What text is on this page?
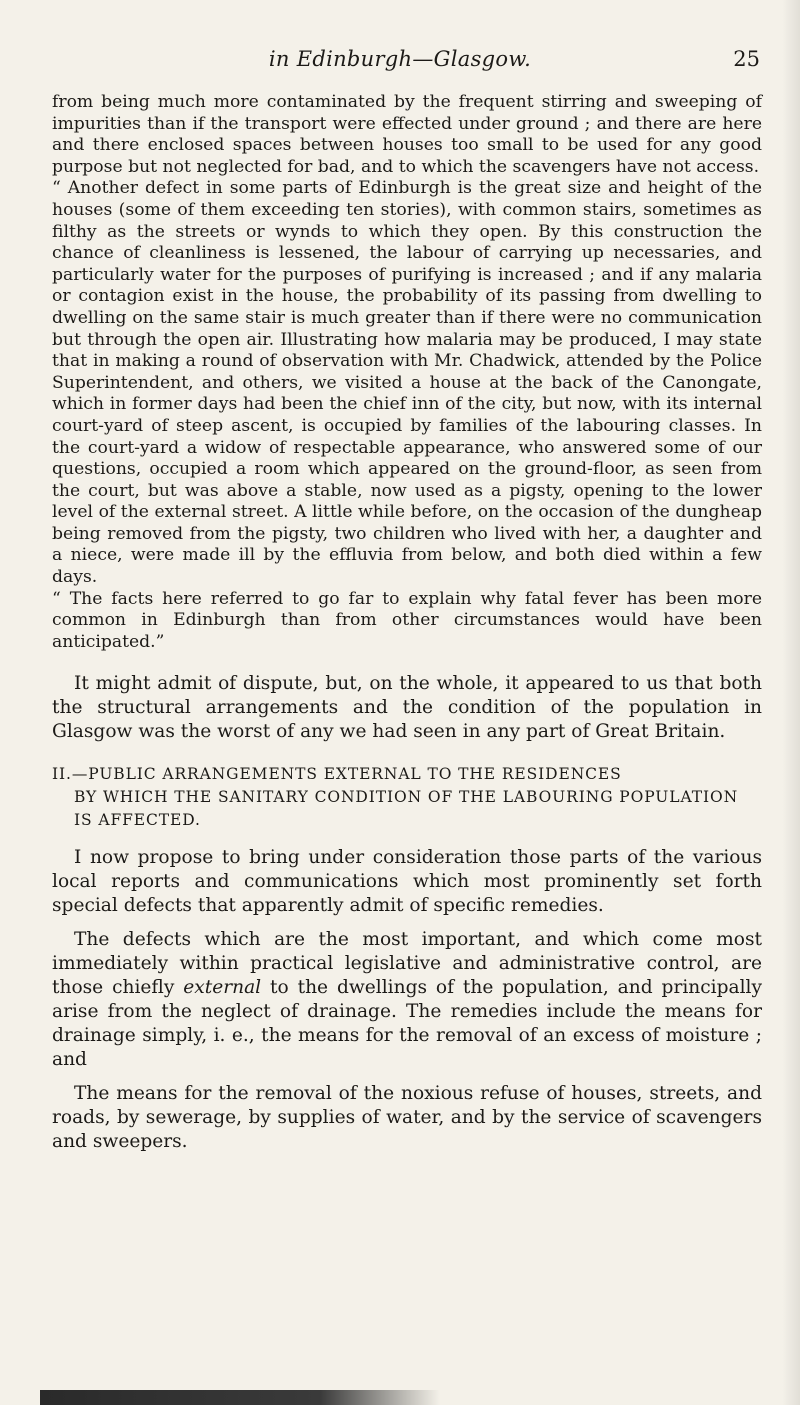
in Edinburgh—Glasgow.	25

from being much more contaminated by the frequent stirring and sweeping of impurities than if the transport were effected under ground ; and there are here and there enclosed spaces between houses too small to be used for any good purpose but not neglected for bad, and to which the scavengers have not access.

“ Another defect in some parts of Edinburgh is the great size and height of the houses (some of them exceeding ten stories), with common stairs, sometimes as filthy as the streets or wynds to which they open. By this construction the chance of cleanliness is lessened, the labour of carrying up necessaries, and particularly water for the purposes of purifying is increased ; and if any malaria or contagion exist in the house, the probability of its passing from dwelling to dwelling on the same stair is much greater than if there were no communication but through the open air. Illustrating how malaria may be produced, I may state that in making a round of observation with Mr. Chadwick, attended by the Police Superintendent, and others, we visited a house at the back of the Canongate, which in former days had been the chief inn of the city, but now, with its internal court-yard of steep ascent, is occupied by families of the labouring classes. In the court-yard a widow of respectable appearance, who answered some of our questions, occupied a room which appeared on the ground-floor, as seen from the court, but was above a stable, now used as a pigsty, opening to the lower level of the external street. A little while before, on the occasion of the dungheap being removed from the pigsty, two children who lived with her, a daughter and a niece, were made ill by the effluvia from below, and both died within a few days.

“ The facts here referred to go far to explain why fatal fever has been more common in Edinburgh than from other circumstances would have been anticipated.”

It might admit of dispute, but, on the whole, it appeared to us that both the structural arrangements and the condition of the population in Glasgow was the worst of any we had seen in any part of Great Britain.

II.—PUBLIC ARRANGEMENTS EXTERNAL TO THE RESIDENCES
BY WHICH THE SANITARY CONDITION OF THE LABOURING POPULATION IS AFFECTED.

I now propose to bring under consideration those parts of the various local reports and communications which most prominently set forth special defects that apparently admit of specific remedies.

The defects which are the most important, and which come most immediately within practical legislative and administrative control, are those chiefly external to the dwellings of the population, and principally arise from the neglect of drainage. The remedies include the means for drainage simply, i. e., the means for the removal of an excess of moisture ; and

The means for the removal of the noxious refuse of houses, streets, and roads, by sewerage, by supplies of water, and by the service of scavengers and sweepers.
